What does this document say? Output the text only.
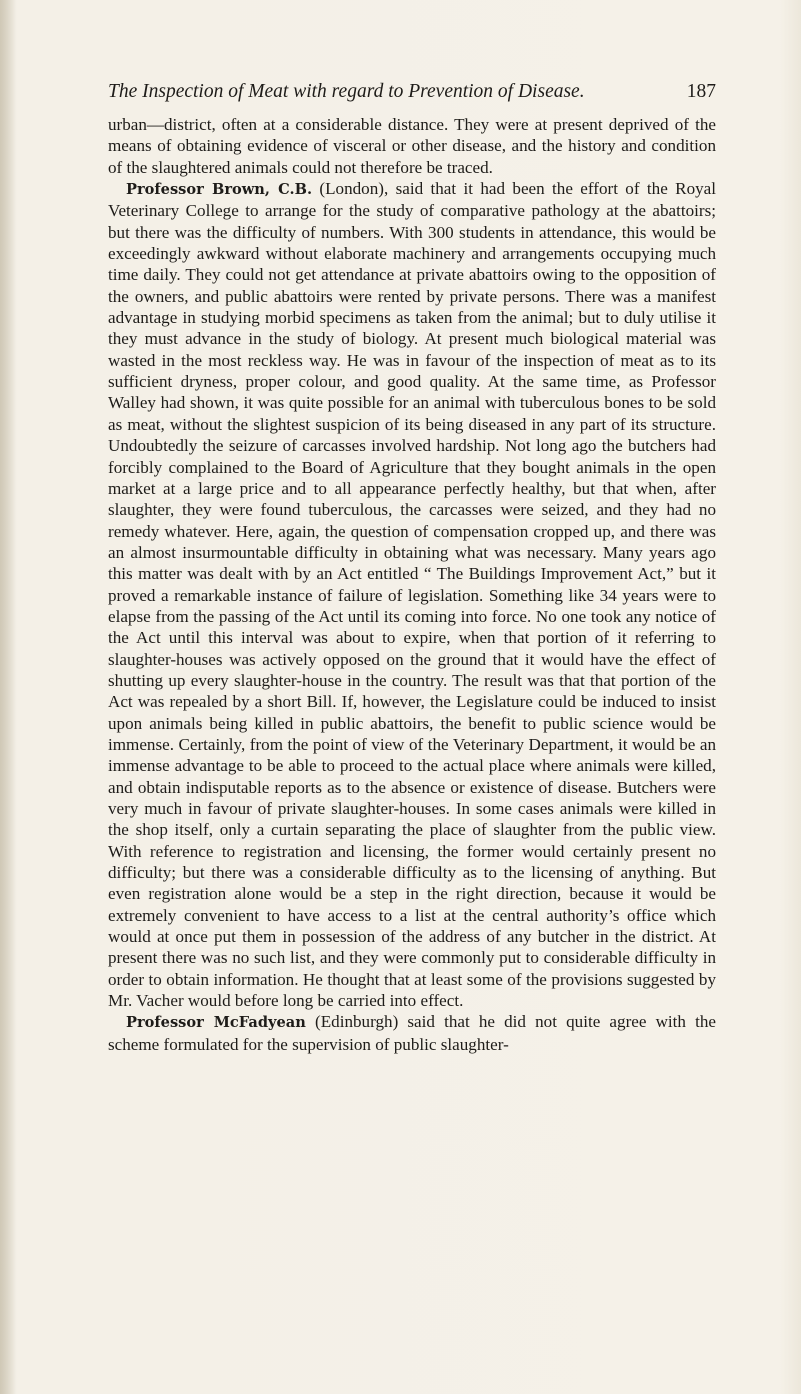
The Inspection of Meat with regard to Prevention of Disease.	187

urban—district, often at a considerable distance. They were at present deprived of the means of obtaining evidence of visceral or other disease, and the history and condition of the slaughtered animals could not therefore be traced.

Professor Brown, C.B. (London), said that it had been the effort of the Royal Veterinary College to arrange for the study of comparative pathology at the abattoirs; but there was the difficulty of numbers. With 300 students in attendance, this would be exceedingly awkward without elaborate machinery and arrangements occupying much time daily. They could not get attendance at private abattoirs owing to the opposition of the owners, and public abattoirs were rented by private persons. There was a manifest advantage in studying morbid specimens as taken from the animal; but to duly utilise it they must advance in the study of biology. At present much biological material was wasted in the most reckless way. He was in favour of the inspection of meat as to its sufficient dryness, proper colour, and good quality. At the same time, as Professor Walley had shown, it was quite possible for an animal with tuberculous bones to be sold as meat, without the slightest suspicion of its being diseased in any part of its structure. Undoubtedly the seizure of carcasses involved hardship. Not long ago the butchers had forcibly complained to the Board of Agriculture that they bought animals in the open market at a large price and to all appearance perfectly healthy, but that when, after slaughter, they were found tuberculous, the carcasses were seized, and they had no remedy whatever. Here, again, the question of compensation cropped up, and there was an almost insurmountable difficulty in obtaining what was necessary. Many years ago this matter was dealt with by an Act entitled “ The Buildings Improvement Act,” but it proved a remarkable instance of failure of legislation. Something like 34 years were to elapse from the passing of the Act until its coming into force. No one took any notice of the Act until this interval was about to expire, when that portion of it referring to slaughter-houses was actively opposed on the ground that it would have the effect of shutting up every slaughter-house in the country. The result was that that portion of the Act was repealed by a short Bill. If, however, the Legislature could be induced to insist upon animals being killed in public abattoirs, the benefit to public science would be immense. Certainly, from the point of view of the Veterinary Department, it would be an immense advantage to be able to proceed to the actual place where animals were killed, and obtain indisputable reports as to the absence or existence of disease. Butchers were very much in favour of private slaughter-houses. In some cases animals were killed in the shop itself, only a curtain separating the place of slaughter from the public view. With reference to registration and licensing, the former would certainly present no difficulty; but there was a considerable difficulty as to the licensing of anything. But even registration alone would be a step in the right direction, because it would be extremely convenient to have access to a list at the central authority’s office which would at once put them in possession of the address of any butcher in the district. At present there was no such list, and they were commonly put to considerable difficulty in order to obtain information. He thought that at least some of the provisions suggested by Mr. Vacher would before long be carried into effect.

Professor McFadyean (Edinburgh) said that he did not quite agree with the scheme formulated for the supervision of public slaughter-
